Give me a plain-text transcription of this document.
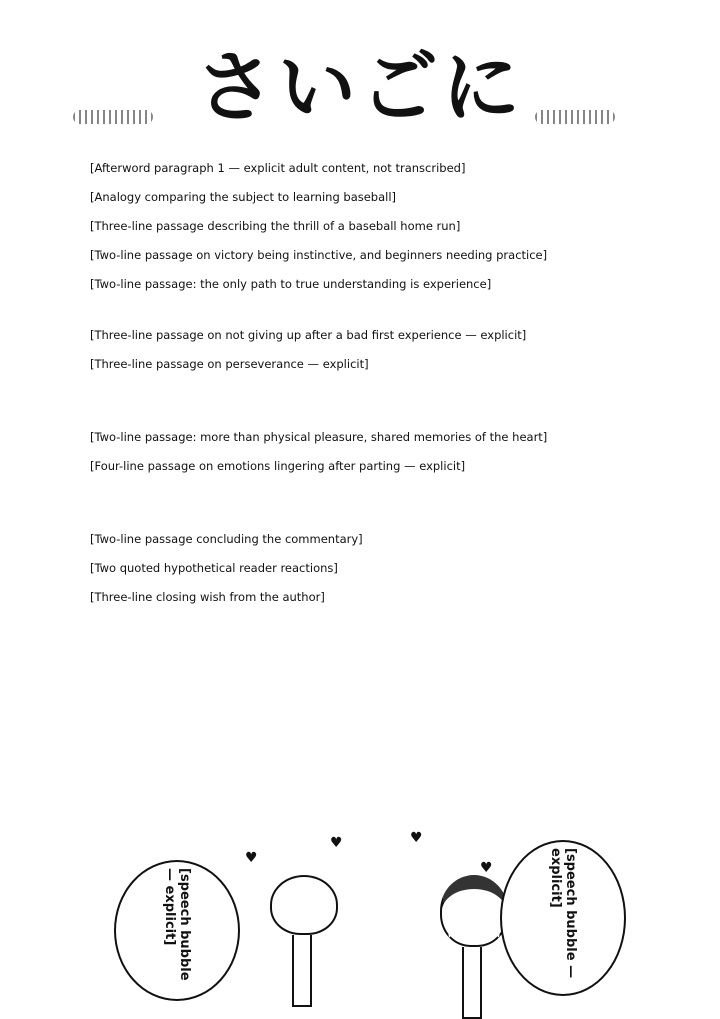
さいごに

[Afterword paragraph 1 — explicit adult content, not transcribed]

[Analogy comparing the subject to learning baseball]

[Three-line passage describing the thrill of a baseball home run]

[Two-line passage on victory being instinctive, and beginners needing practice]

[Two-line passage: the only path to true understanding is experience]

[Three-line passage on not giving up after a bad first experience — explicit]

[Three-line passage on perseverance — explicit]

[Two-line passage: more than physical pleasure, shared memories of the heart]

[Four-line passage on emotions lingering after parting — explicit]

[Two-line passage concluding the commentary]

[Two quoted hypothetical reader reactions]

[Three-line closing wish from the author]

[speech bubble — explicit]
♥
♥	♥
♥	[speech bubble — explicit]
